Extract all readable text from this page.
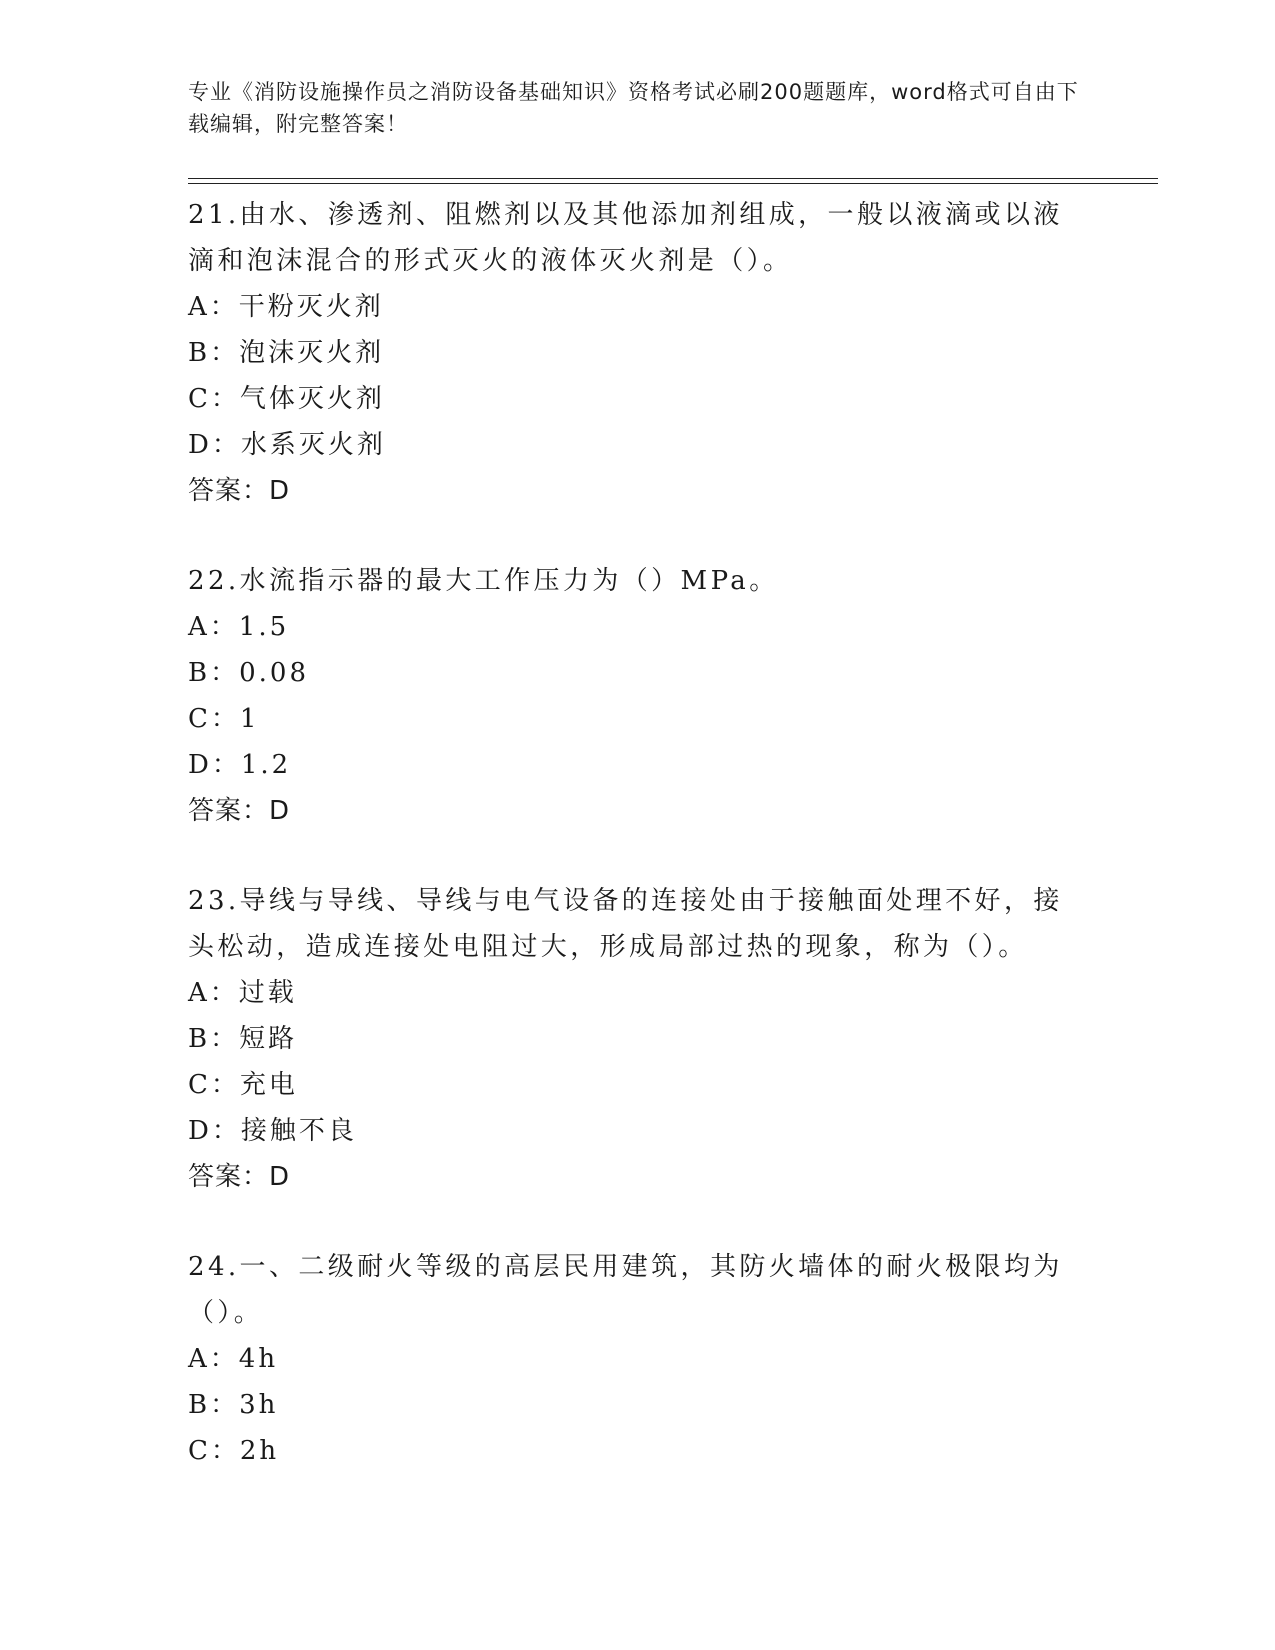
专业《消防设施操作员之消防设备基础知识》资格考试必刷200题题库，word格式可自由下载编辑，附完整答案！

21.由水、渗透剂、阻燃剂以及其他添加剂组成，一般以液滴或以液滴和泡沫混合的形式灭火的液体灭火剂是（）。

A：干粉灭火剂

B：泡沫灭火剂

C：气体灭火剂

D：水系灭火剂

答案：D

22.水流指示器的最大工作压力为（）MPa。

A：1.5

B：0.08

C：1

D：1.2

答案：D

23.导线与导线、导线与电气设备的连接处由于接触面处理不好，接头松动，造成连接处电阻过大，形成局部过热的现象，称为（）。

A：过载

B：短路

C：充电

D：接触不良

答案：D

24.一、二级耐火等级的高层民用建筑，其防火墙体的耐火极限均为（）。

A：4h

B：3h

C：2h
